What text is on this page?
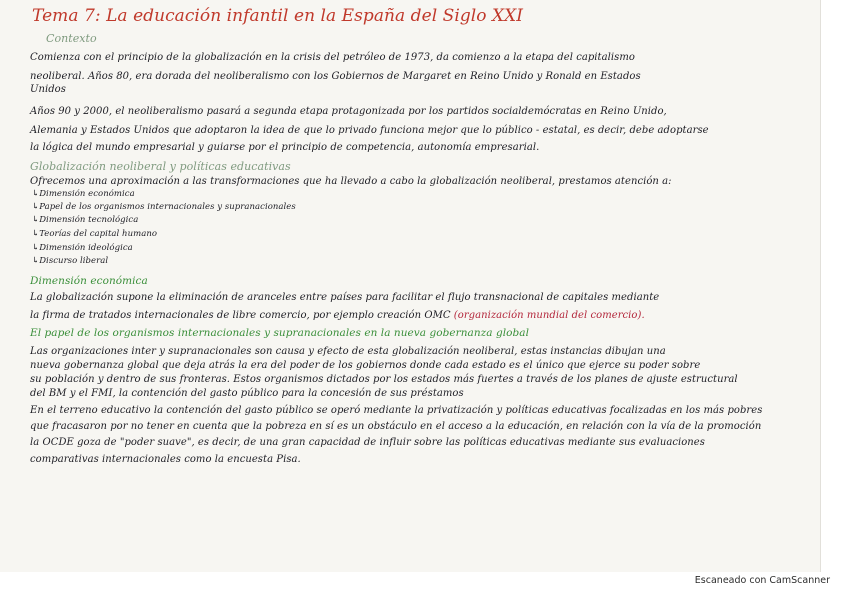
Tema 7: La educación infantil en la España del Siglo XXI
Contexto
Comienza con el principio de la globalización en la crisis del petróleo de 1973, da comienzo a la etapa del capitalismo
neoliberal. Años 80, era dorada del neoliberalismo con los Gobiernos de Margaret en Reino Unido y Ronald en Estados
Unidos
Años 90 y 2000, el neoliberalismo pasará a segunda etapa protagonizada por los partidos socialdemócratas en Reino Unido,
Alemania y Estados Unidos que adoptaron la idea de que lo privado funciona mejor que lo público - estatal, es decir, debe adoptarse
la lógica del mundo empresarial y guiarse por el principio de competencia, autonomía empresarial.
Globalización neoliberal y políticas educativas
Ofrecemos una aproximación a las transformaciones que ha llevado a cabo la globalización neoliberal, prestamos atención a:
↳Dimensión económica
↳Papel de los organismos internacionales y supranacionales
↳Dimensión tecnológica
↳Teorías del capital humano
↳Dimensión ideológica
↳Discurso liberal
Dimensión económica
La globalización supone la eliminación de aranceles entre países para facilitar el flujo transnacional de capitales mediante
la firma de tratados internacionales de libre comercio, por ejemplo creación OMC (organización mundial del comercio).
El papel de los organismos internacionales y supranacionales en la nueva gobernanza global
Las organizaciones inter y supranacionales son causa y efecto de esta globalización neoliberal, estas instancias dibujan una
nueva gobernanza global que deja atrás la era del poder de los gobiernos donde cada estado es el único que ejerce su poder sobre
su población y dentro de sus fronteras. Estos organismos dictados por los estados más fuertes a través de los planes de ajuste estructural
del BM y el FMI, la contención del gasto público para la concesión de sus préstamos
En el terreno educativo la contención del gasto público se operó mediante la privatización y políticas educativas focalizadas en los más pobres
que fracasaron por no tener en cuenta que la pobreza en sí es un obstáculo en el acceso a la educación, en relación con la vía de la promoción
la OCDE goza de "poder suave", es decir, de una gran capacidad de influir sobre las políticas educativas mediante sus evaluaciones
comparativas internacionales como la encuesta Pisa.
Escaneado con CamScanner
